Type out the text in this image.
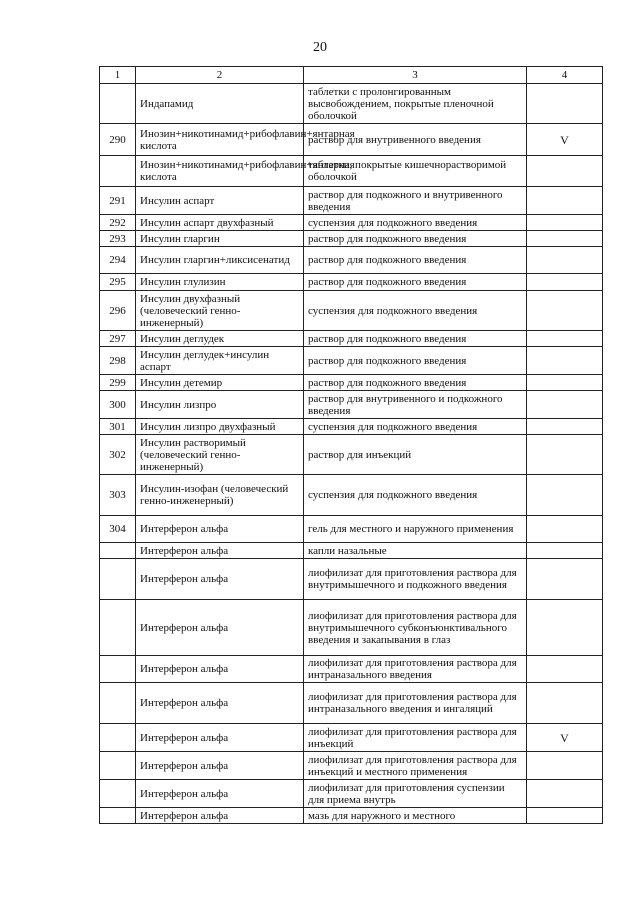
20
1	2	3	4
	Индапамид	таблетки с пролонгированным высвобождением, покрытые пленочной оболочкой	
290	Инозин+никотинамид+рибофлавин+янтарная кислота	раствор для внутривенного введения	V
	Инозин+никотинамид+рибофлавин+янтарная кислота	таблетки, покрытые кишечнорастворимой оболочкой	
291	Инсулин аспарт	раствор для подкожного и внутривенного введения	
292	Инсулин аспарт двухфазный	суспензия для подкожного введения	
293	Инсулин гларгин	раствор для подкожного введения	
294	Инсулин гларгин+ликсисенатид	раствор для подкожного введения	
295	Инсулин глулизин	раствор для подкожного введения	
296	Инсулин двухфазный (человеческий генно-инженерный)	суспензия для подкожного введения	
297	Инсулин деглудек	раствор для подкожного введения	
298	Инсулин деглудек+инсулин аспарт	раствор для подкожного введения	
299	Инсулин детемир	раствор для подкожного введения	
300	Инсулин лизпро	раствор для внутривенного и подкожного введения	
301	Инсулин лизпро двухфазный	суспензия для подкожного введения	
302	Инсулин растворимый (человеческий генно-инженерный)	раствор для инъекций	
303	Инсулин-изофан (человеческий генно-инженерный)	суспензия для подкожного введения	
304	Интерферон альфа	гель для местного и наружного применения	
	Интерферон альфа	капли назальные	
	Интерферон альфа	лиофилизат для приготовления раствора для внутримышечного и подкожного введения	
	Интерферон альфа	лиофилизат для приготовления раствора для внутримышечного субконъюнктивального введения и закапывания в глаз	
	Интерферон альфа	лиофилизат для приготовления раствора для интраназального введения	
	Интерферон альфа	лиофилизат для приготовления раствора для интраназального введения и ингаляций	
	Интерферон альфа	лиофилизат для приготовления раствора для инъекций	V
	Интерферон альфа	лиофилизат для приготовления раствора для инъекций и местного применения	
	Интерферон альфа	лиофилизат для приготовления суспензии для приема внутрь	
	Интерферон альфа	мазь для наружного и местного	
